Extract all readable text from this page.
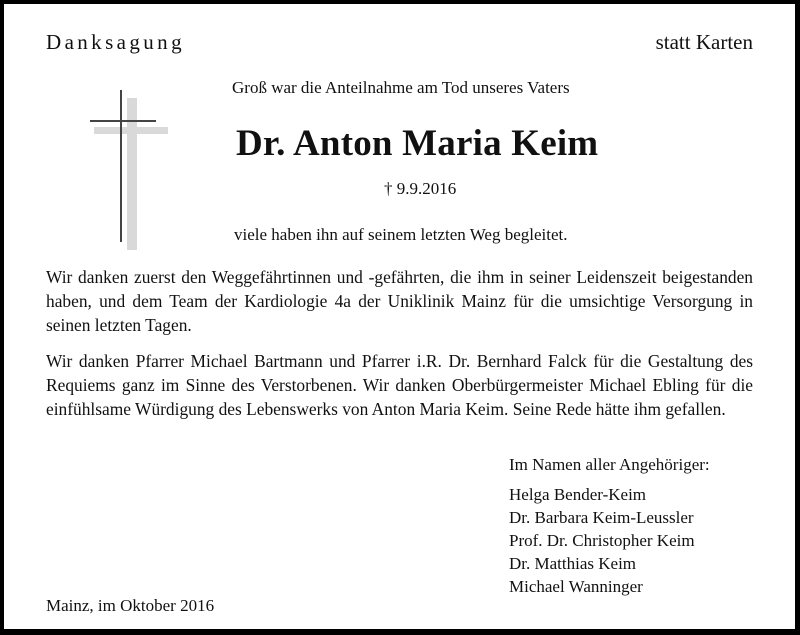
Danksagung	statt Karten
Groß war die Anteilnahme am Tod unseres Vaters
Dr. Anton Maria Keim
† 9.9.2016
viele haben ihn auf seinem letzten Weg begleitet.
Wir danken zuerst den Weggefährtinnen und -gefährten, die ihm in seiner Leidenszeit beigestanden haben, und dem Team der Kardiologie 4a der Uniklinik Mainz für die umsichtige Versorgung in seinen letzten Tagen.
Wir danken Pfarrer Michael Bartmann und Pfarrer i.R. Dr. Bernhard Falck für die Gestaltung des Requiems ganz im Sinne des Verstorbenen. Wir danken Oberbürgermeister Michael Ebling für die einfühlsame Würdigung des Lebenswerks von Anton Maria Keim. Seine Rede hätte ihm gefallen.
Im Namen aller Angehöriger:
Helga Bender-Keim
Dr. Barbara Keim-Leussler
Prof. Dr. Christopher Keim
Dr. Matthias Keim
Michael Wanninger
Mainz, im Oktober 2016
